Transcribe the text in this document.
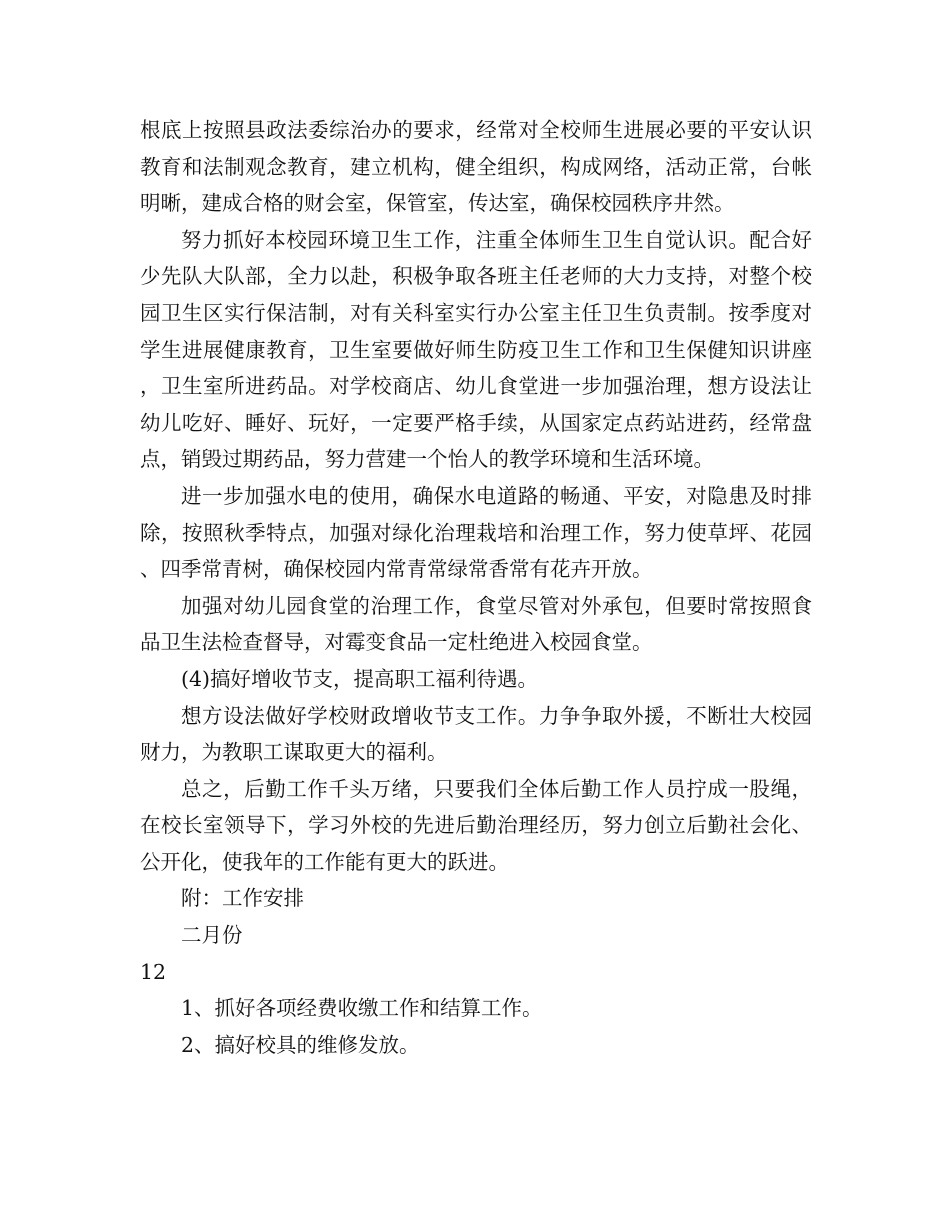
根底上按照县政法委综治办的要求，经常对全校师生进展必要的平安认识教育和法制观念教育，建立机构，健全组织，构成网络，活动正常，台帐明晰，建成合格的财会室，保管室，传达室，确保校园秩序井然。

努力抓好本校园环境卫生工作，注重全体师生卫生自觉认识。配合好少先队大队部，全力以赴，积极争取各班主任老师的大力支持，对整个校园卫生区实行保洁制，对有关科室实行办公室主任卫生负责制。按季度对学生进展健康教育，卫生室要做好师生防疫卫生工作和卫生保健知识讲座，卫生室所进药品。对学校商店、幼儿食堂进一步加强治理，想方设法让幼儿吃好、睡好、玩好，一定要严格手续，从国家定点药站进药，经常盘点，销毁过期药品，努力营建一个怡人的教学环境和生活环境。

进一步加强水电的使用，确保水电道路的畅通、平安，对隐患及时排除，按照秋季特点，加强对绿化治理栽培和治理工作，努力使草坪、花园、四季常青树，确保校园内常青常绿常香常有花卉开放。

加强对幼儿园食堂的治理工作，食堂尽管对外承包，但要时常按照食品卫生法检查督导，对霉变食品一定杜绝进入校园食堂。

(4)搞好增收节支，提高职工福利待遇。

想方设法做好学校财政增收节支工作。力争争取外援，不断壮大校园财力，为教职工谋取更大的福利。

总之，后勤工作千头万绪，只要我们全体后勤工作人员拧成一股绳，在校长室领导下，学习外校的先进后勤治理经历，努力创立后勤社会化、公开化，使我年的工作能有更大的跃进。

附：工作安排

二月份

12

1、抓好各项经费收缴工作和结算工作。

2、搞好校具的维修发放。
